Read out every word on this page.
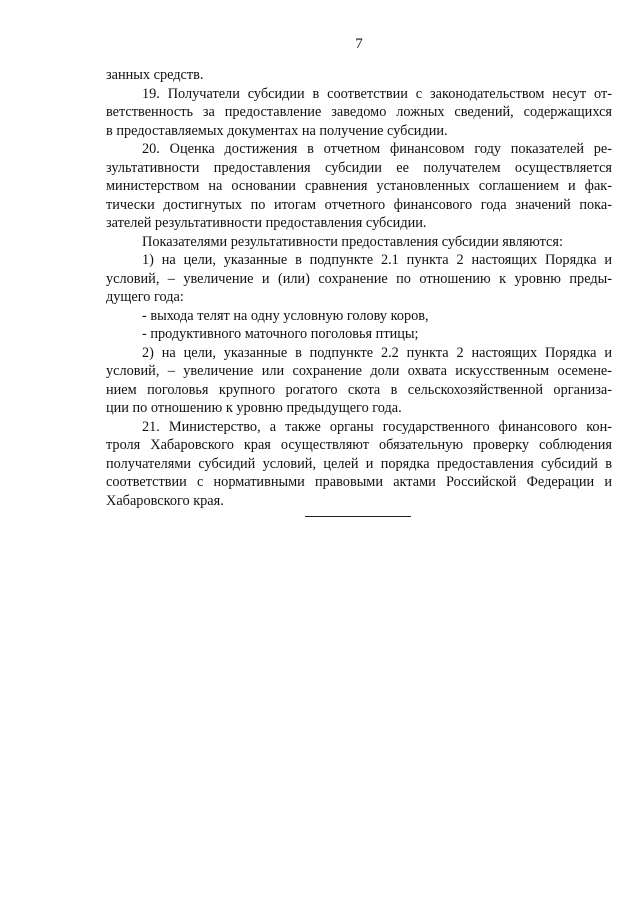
7
занных средств.
19. Получатели субсидии в соответствии с законодательством несут от-
ветственность за предоставление заведомо ложных сведений, содержащихся
в предоставляемых документах на получение субсидии.
20. Оценка достижения в отчетном финансовом году показателей ре-
зультативности предоставления субсидии ее получателем осуществляется
министерством на основании сравнения установленных соглашением и фак-
тически достигнутых по итогам отчетного финансового года значений пока-
зателей результативности предоставления субсидии.
Показателями результативности предоставления субсидии являются:
1) на цели, указанные в подпункте 2.1 пункта 2 настоящих Порядка и
условий, – увеличение и (или) сохранение по отношению к уровню преды-
дущего года:
- выхода телят на одну условную голову коров,
- продуктивного маточного поголовья птицы;
2) на цели, указанные в подпункте 2.2 пункта 2 настоящих Порядка и
условий, – увеличение или сохранение доли охвата искусственным осемене-
нием поголовья крупного рогатого скота в сельскохозяйственной организа-
ции по отношению к уровню предыдущего года.
21. Министерство, а также органы государственного финансового кон-
троля Хабаровского края осуществляют обязательную проверку соблюдения
получателями субсидий условий, целей и порядка предоставления субсидий в
соответствии с нормативными правовыми актами Российской Федерации и
Хабаровского края.
